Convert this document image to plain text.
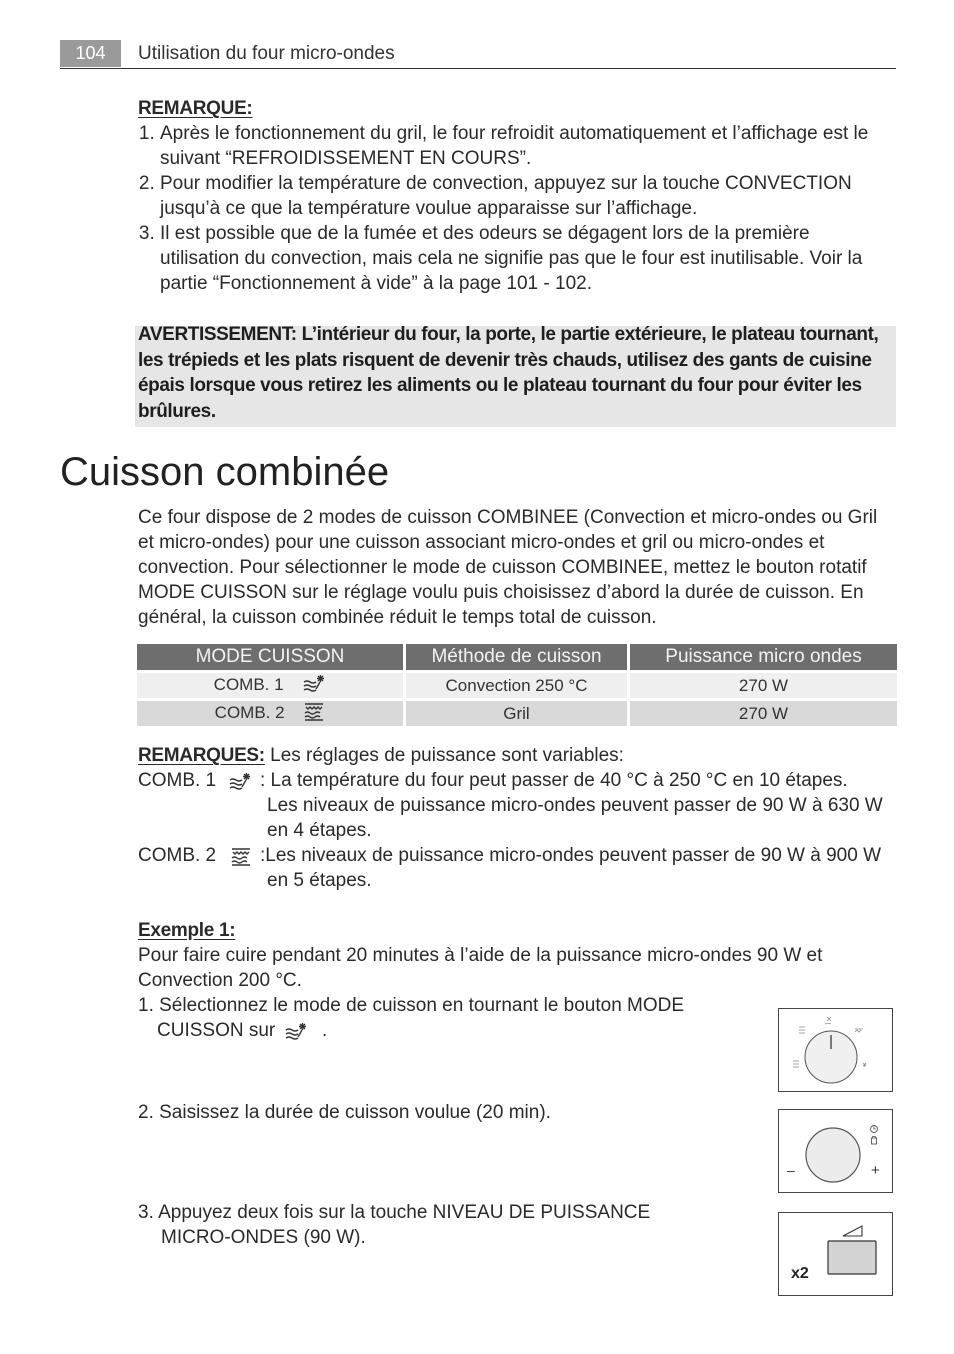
104	Utilisation du four micro-ondes
REMARQUE:
1. Après le fonctionnement du gril, le four refroidit automatiquement et l’affichage est le suivant “REFROIDISSEMENT EN COURS”.
2. Pour modifier la température de convection, appuyez sur la touche CONVECTION jusqu’à ce que la température voulue apparaisse sur l’affichage.
3. Il est possible que de la fumée et des odeurs se dégagent lors de la première utilisation du convection, mais cela ne signifie pas que le four est inutilisable. Voir la partie “Fonctionnement à vide” à la page 101 - 102.
AVERTISSEMENT: L’intérieur du four, la porte, le partie extérieure, le plateau tournant, les trépieds et les plats risquent de devenir très chauds, utilisez des gants de cuisine épais lorsque vous retirez les aliments ou le plateau tournant du four pour éviter les brûlures.
Cuisson combinée
Ce four dispose de 2 modes de cuisson COMBINEE (Convection et micro-ondes ou Gril et micro-ondes) pour une cuisson associant micro-ondes et gril ou micro-ondes et convection. Pour sélectionner le mode de cuisson COMBINEE, mettez le bouton rotatif MODE CUISSON sur le réglage voulu puis choisissez d’abord la durée de cuisson. En général, la cuisson combinée réduit le temps total de cuisson.
MODE CUISSON	Méthode de cuisson	Puissance micro ondes
COMB. 1	Convection 250 °C	270 W
COMB. 2	Gril	270 W
REMARQUES: Les réglages de puissance sont variables:
COMB. 1 : La température du four peut passer de 40 °C à 250 °C en 10 étapes.
Les niveaux de puissance micro-ondes peuvent passer de 90 W à 630 W
en 4 étapes.
COMB. 2 :Les niveaux de puissance micro-ondes peuvent passer de 90 W à 900 W
en 5 étapes.
Exemple 1:
Pour faire cuire pendant 20 minutes à l’aide de la puissance micro-ondes 90 W et Convection 200 °C.
1. Sélectionnez le mode de cuisson en tournant le bouton MODE
CUISSON sur .
2. Saisissez la durée de cuisson voulue (20 min).
3. Appuyez deux fois sur la touche NIVEAU DE PUISSANCE
MICRO-ONDES (90 W).
–	+
x2
